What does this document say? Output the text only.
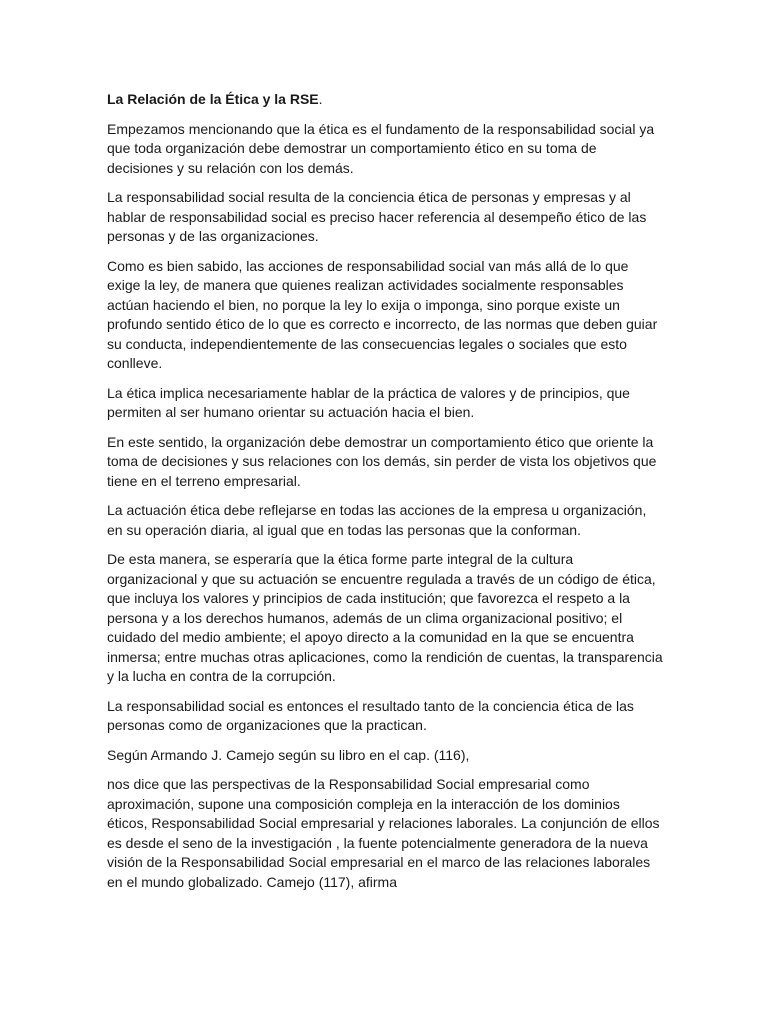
La Relación de la Ética y la RSE.

Empezamos mencionando que la ética es el fundamento de la responsabilidad social ya que toda organización debe demostrar un comportamiento ético en su toma de decisiones y su relación con los demás.

La responsabilidad social resulta de la conciencia ética de personas y empresas y al hablar de responsabilidad social es preciso hacer referencia al desempeño ético de las personas y de las organizaciones.

Como es bien sabido, las acciones de responsabilidad social van más allá de lo que exige la ley, de manera que quienes realizan actividades socialmente responsables actúan haciendo el bien, no porque la ley lo exija o imponga, sino porque existe un profundo sentido ético de lo que es correcto e incorrecto, de las normas que deben guiar su conducta, independientemente de las consecuencias legales o sociales que esto conlleve.

La ética implica necesariamente hablar de la práctica de valores y de principios, que permiten al ser humano orientar su actuación hacia el bien.

En este sentido, la organización debe demostrar un comportamiento ético que oriente la toma de decisiones y sus relaciones con los demás, sin perder de vista los objetivos que tiene en el terreno empresarial.

La actuación ética debe reflejarse en todas las acciones de la empresa u organización, en su operación diaria, al igual que en todas las personas que la conforman.

De esta manera, se esperaría que la ética forme parte integral de la cultura organizacional y que su actuación se encuentre regulada a través de un código de ética, que incluya los valores y principios de cada institución; que favorezca el respeto a la persona y a los derechos humanos, además de un clima organizacional positivo; el cuidado del medio ambiente; el apoyo directo a la comunidad en la que se encuentra inmersa; entre muchas otras aplicaciones, como la rendición de cuentas, la transparencia y la lucha en contra de la corrupción.

La responsabilidad social es entonces el resultado tanto de la conciencia ética de las personas como de organizaciones que la practican.

Según Armando J. Camejo según su libro en el cap. (116),

nos dice que las perspectivas de la Responsabilidad Social empresarial como aproximación, supone una composición compleja en la interacción de los dominios éticos, Responsabilidad Social empresarial y relaciones laborales. La conjunción de ellos es desde el seno de la investigación , la fuente potencialmente generadora de la nueva visión de la Responsabilidad Social empresarial en el marco de las relaciones laborales en el mundo globalizado. Camejo (117), afirma
